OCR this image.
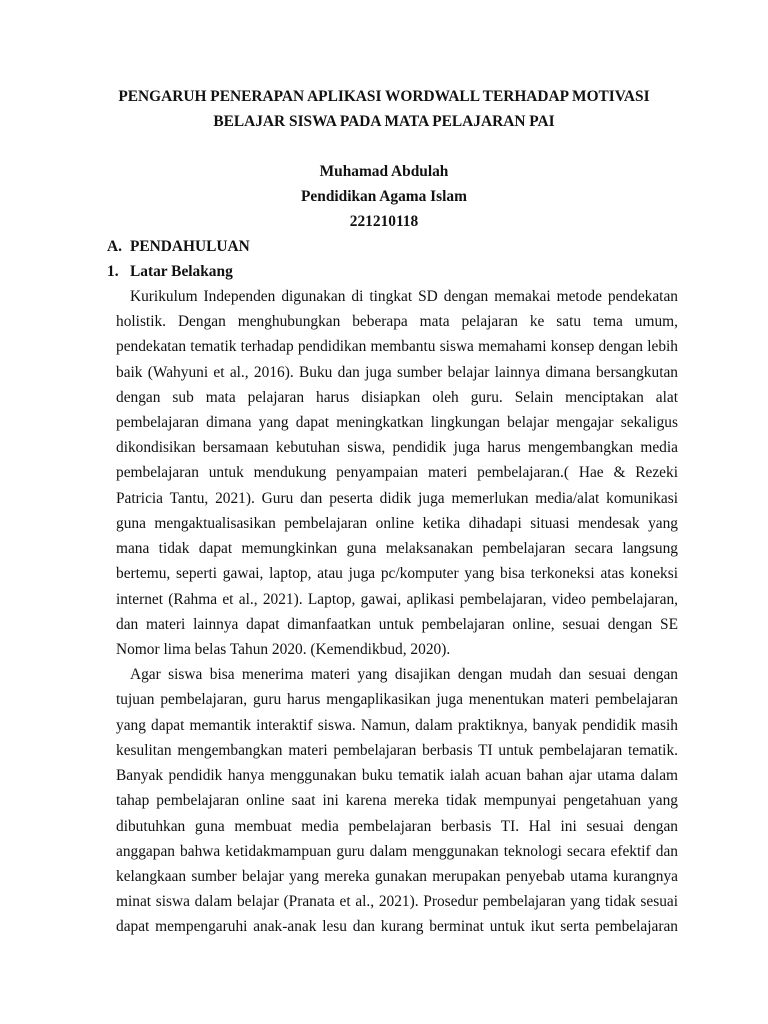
PENGARUH PENERAPAN APLIKASI WORDWALL TERHADAP MOTIVASI
BELAJAR SISWA PADA MATA PELAJARAN PAI
Muhamad Abdulah
Pendidikan Agama Islam
221210118
A. PENDAHULUAN
1. Latar Belakang
Kurikulum Independen digunakan di tingkat SD dengan memakai metode pendekatan
holistik. Dengan menghubungkan beberapa mata pelajaran ke satu tema umum,
pendekatan tematik terhadap pendidikan membantu siswa memahami konsep dengan lebih
baik (Wahyuni et al., 2016). Buku dan juga sumber belajar lainnya dimana bersangkutan
dengan sub mata pelajaran harus disiapkan oleh guru. Selain menciptakan alat
pembelajaran dimana yang dapat meningkatkan lingkungan belajar mengajar sekaligus
dikondisikan bersamaan kebutuhan siswa, pendidik juga harus mengembangkan media
pembelajaran untuk mendukung penyampaian materi pembelajaran.( Hae & Rezeki
Patricia Tantu, 2021). Guru dan peserta didik juga memerlukan media/alat komunikasi
guna mengaktualisasikan pembelajaran online ketika dihadapi situasi mendesak yang
mana tidak dapat memungkinkan guna melaksanakan pembelajaran secara langsung
bertemu, seperti gawai, laptop, atau juga pc/komputer yang bisa terkoneksi atas koneksi
internet (Rahma et al., 2021). Laptop, gawai, aplikasi pembelajaran, video pembelajaran,
dan materi lainnya dapat dimanfaatkan untuk pembelajaran online, sesuai dengan SE
Nomor lima belas Tahun 2020. (Kemendikbud, 2020).
Agar siswa bisa menerima materi yang disajikan dengan mudah dan sesuai dengan
tujuan pembelajaran, guru harus mengaplikasikan juga menentukan materi pembelajaran
yang dapat memantik interaktif siswa. Namun, dalam praktiknya, banyak pendidik masih
kesulitan mengembangkan materi pembelajaran berbasis TI untuk pembelajaran tematik.
Banyak pendidik hanya menggunakan buku tematik ialah acuan bahan ajar utama dalam
tahap pembelajaran online saat ini karena mereka tidak mempunyai pengetahuan yang
dibutuhkan guna membuat media pembelajaran berbasis TI. Hal ini sesuai dengan
anggapan bahwa ketidakmampuan guru dalam menggunakan teknologi secara efektif dan
kelangkaan sumber belajar yang mereka gunakan merupakan penyebab utama kurangnya
minat siswa dalam belajar (Pranata et al., 2021). Prosedur pembelajaran yang tidak sesuai
dapat mempengaruhi anak-anak lesu dan kurang berminat untuk ikut serta pembelajaran
